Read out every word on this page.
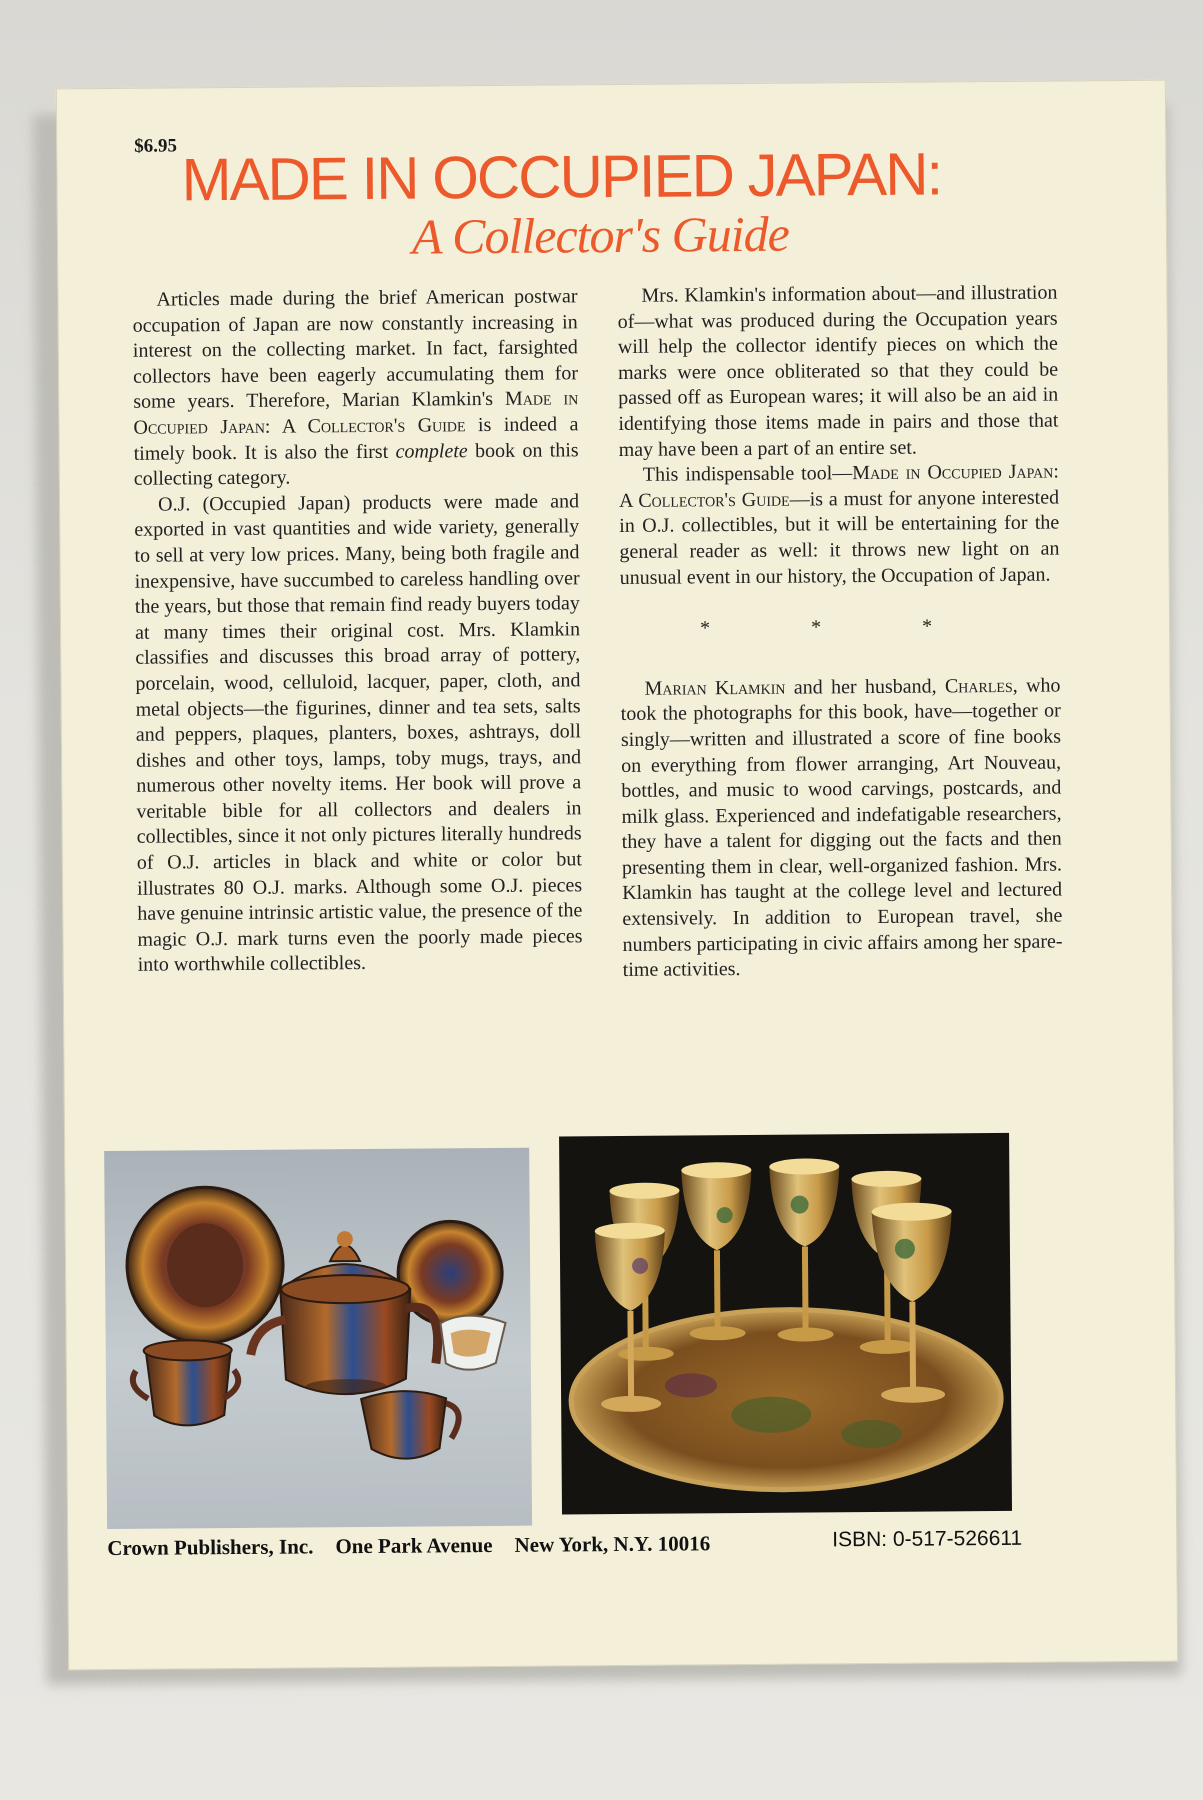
$6.95 MADE IN OCCUPIED JAPAN:
A Collector's Guide

Articles made during the brief American postwar occupation of Japan are now constantly increasing in interest on the collecting market. In fact, farsighted collectors have been eagerly accumulating them for some years. Therefore, Marian Klamkin's Made in Occupied Japan: A Collector's Guide is indeed a timely book. It is also the first complete book on this collecting category.

O.J. (Occupied Japan) products were made and exported in vast quantities and wide variety, generally to sell at very low prices. Many, being both fragile and inexpensive, have succumbed to careless handling over the years, but those that remain find ready buyers today at many times their original cost. Mrs. Klamkin classifies and discusses this broad array of pottery, porcelain, wood, celluloid, lacquer, paper, cloth, and metal objects—the figurines, dinner and tea sets, salts and peppers, plaques, planters, boxes, ashtrays, doll dishes and other toys, lamps, toby mugs, trays, and numerous other novelty items. Her book will prove a veritable bible for all collectors and dealers in collectibles, since it not only pictures literally hundreds of O.J. articles in black and white or color but illustrates 80 O.J. marks. Although some O.J. pieces have genuine intrinsic artistic value, the presence of the magic O.J. mark turns even the poorly made pieces into worthwhile collectibles.

Mrs. Klamkin's information about—and illustration of—what was produced during the Occupation years will help the collector identify pieces on which the marks were once obliterated so that they could be passed off as European wares; it will also be an aid in identifying those items made in pairs and those that may have been a part of an entire set.

This indispensable tool—Made in Occupied Japan: A Collector's Guide—is a must for anyone interested in O.J. collectibles, but it will be entertaining for the general reader as well: it throws new light on an unusual event in our history, the Occupation of Japan.

* * *

Marian Klamkin and her husband, Charles, who took the photographs for this book, have—together or singly—written and illustrated a score of fine books on everything from flower arranging, Art Nouveau, bottles, and music to wood carvings, postcards, and milk glass. Experienced and indefatigable researchers, they have a talent for digging out the facts and then presenting them in clear, well-organized fashion. Mrs. Klamkin has taught at the college level and lectured extensively. In addition to European travel, she numbers participating in civic affairs among her spare-time activities.

Crown Publishers, Inc. One Park Avenue New York, N.Y. 10016	ISBN: 0-517-526611
